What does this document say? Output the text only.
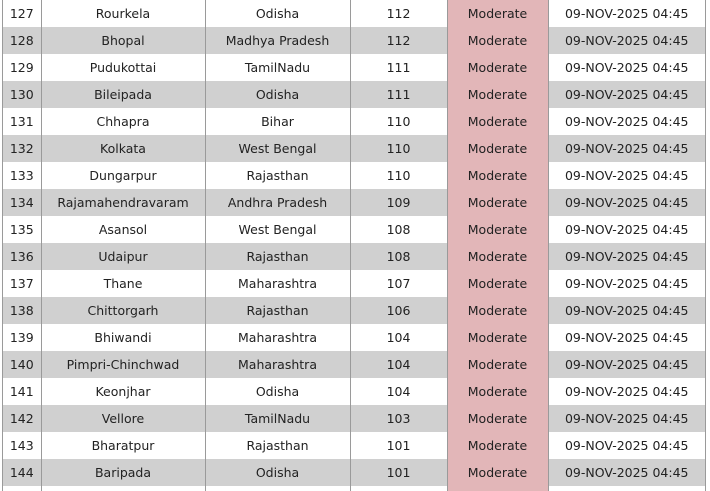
127	Rourkela	Odisha	112	Moderate	09-NOV-2025 04:45
128	Bhopal	Madhya Pradesh	112	Moderate	09-NOV-2025 04:45
129	Pudukottai	TamilNadu	111	Moderate	09-NOV-2025 04:45
130	Bileipada	Odisha	111	Moderate	09-NOV-2025 04:45
131	Chhapra	Bihar	110	Moderate	09-NOV-2025 04:45
132	Kolkata	West Bengal	110	Moderate	09-NOV-2025 04:45
133	Dungarpur	Rajasthan	110	Moderate	09-NOV-2025 04:45
134	Rajamahendravaram	Andhra Pradesh	109	Moderate	09-NOV-2025 04:45
135	Asansol	West Bengal	108	Moderate	09-NOV-2025 04:45
136	Udaipur	Rajasthan	108	Moderate	09-NOV-2025 04:45
137	Thane	Maharashtra	107	Moderate	09-NOV-2025 04:45
138	Chittorgarh	Rajasthan	106	Moderate	09-NOV-2025 04:45
139	Bhiwandi	Maharashtra	104	Moderate	09-NOV-2025 04:45
140	Pimpri-Chinchwad	Maharashtra	104	Moderate	09-NOV-2025 04:45
141	Keonjhar	Odisha	104	Moderate	09-NOV-2025 04:45
142	Vellore	TamilNadu	103	Moderate	09-NOV-2025 04:45
143	Bharatpur	Rajasthan	101	Moderate	09-NOV-2025 04:45
144	Baripada	Odisha	101	Moderate	09-NOV-2025 04:45
